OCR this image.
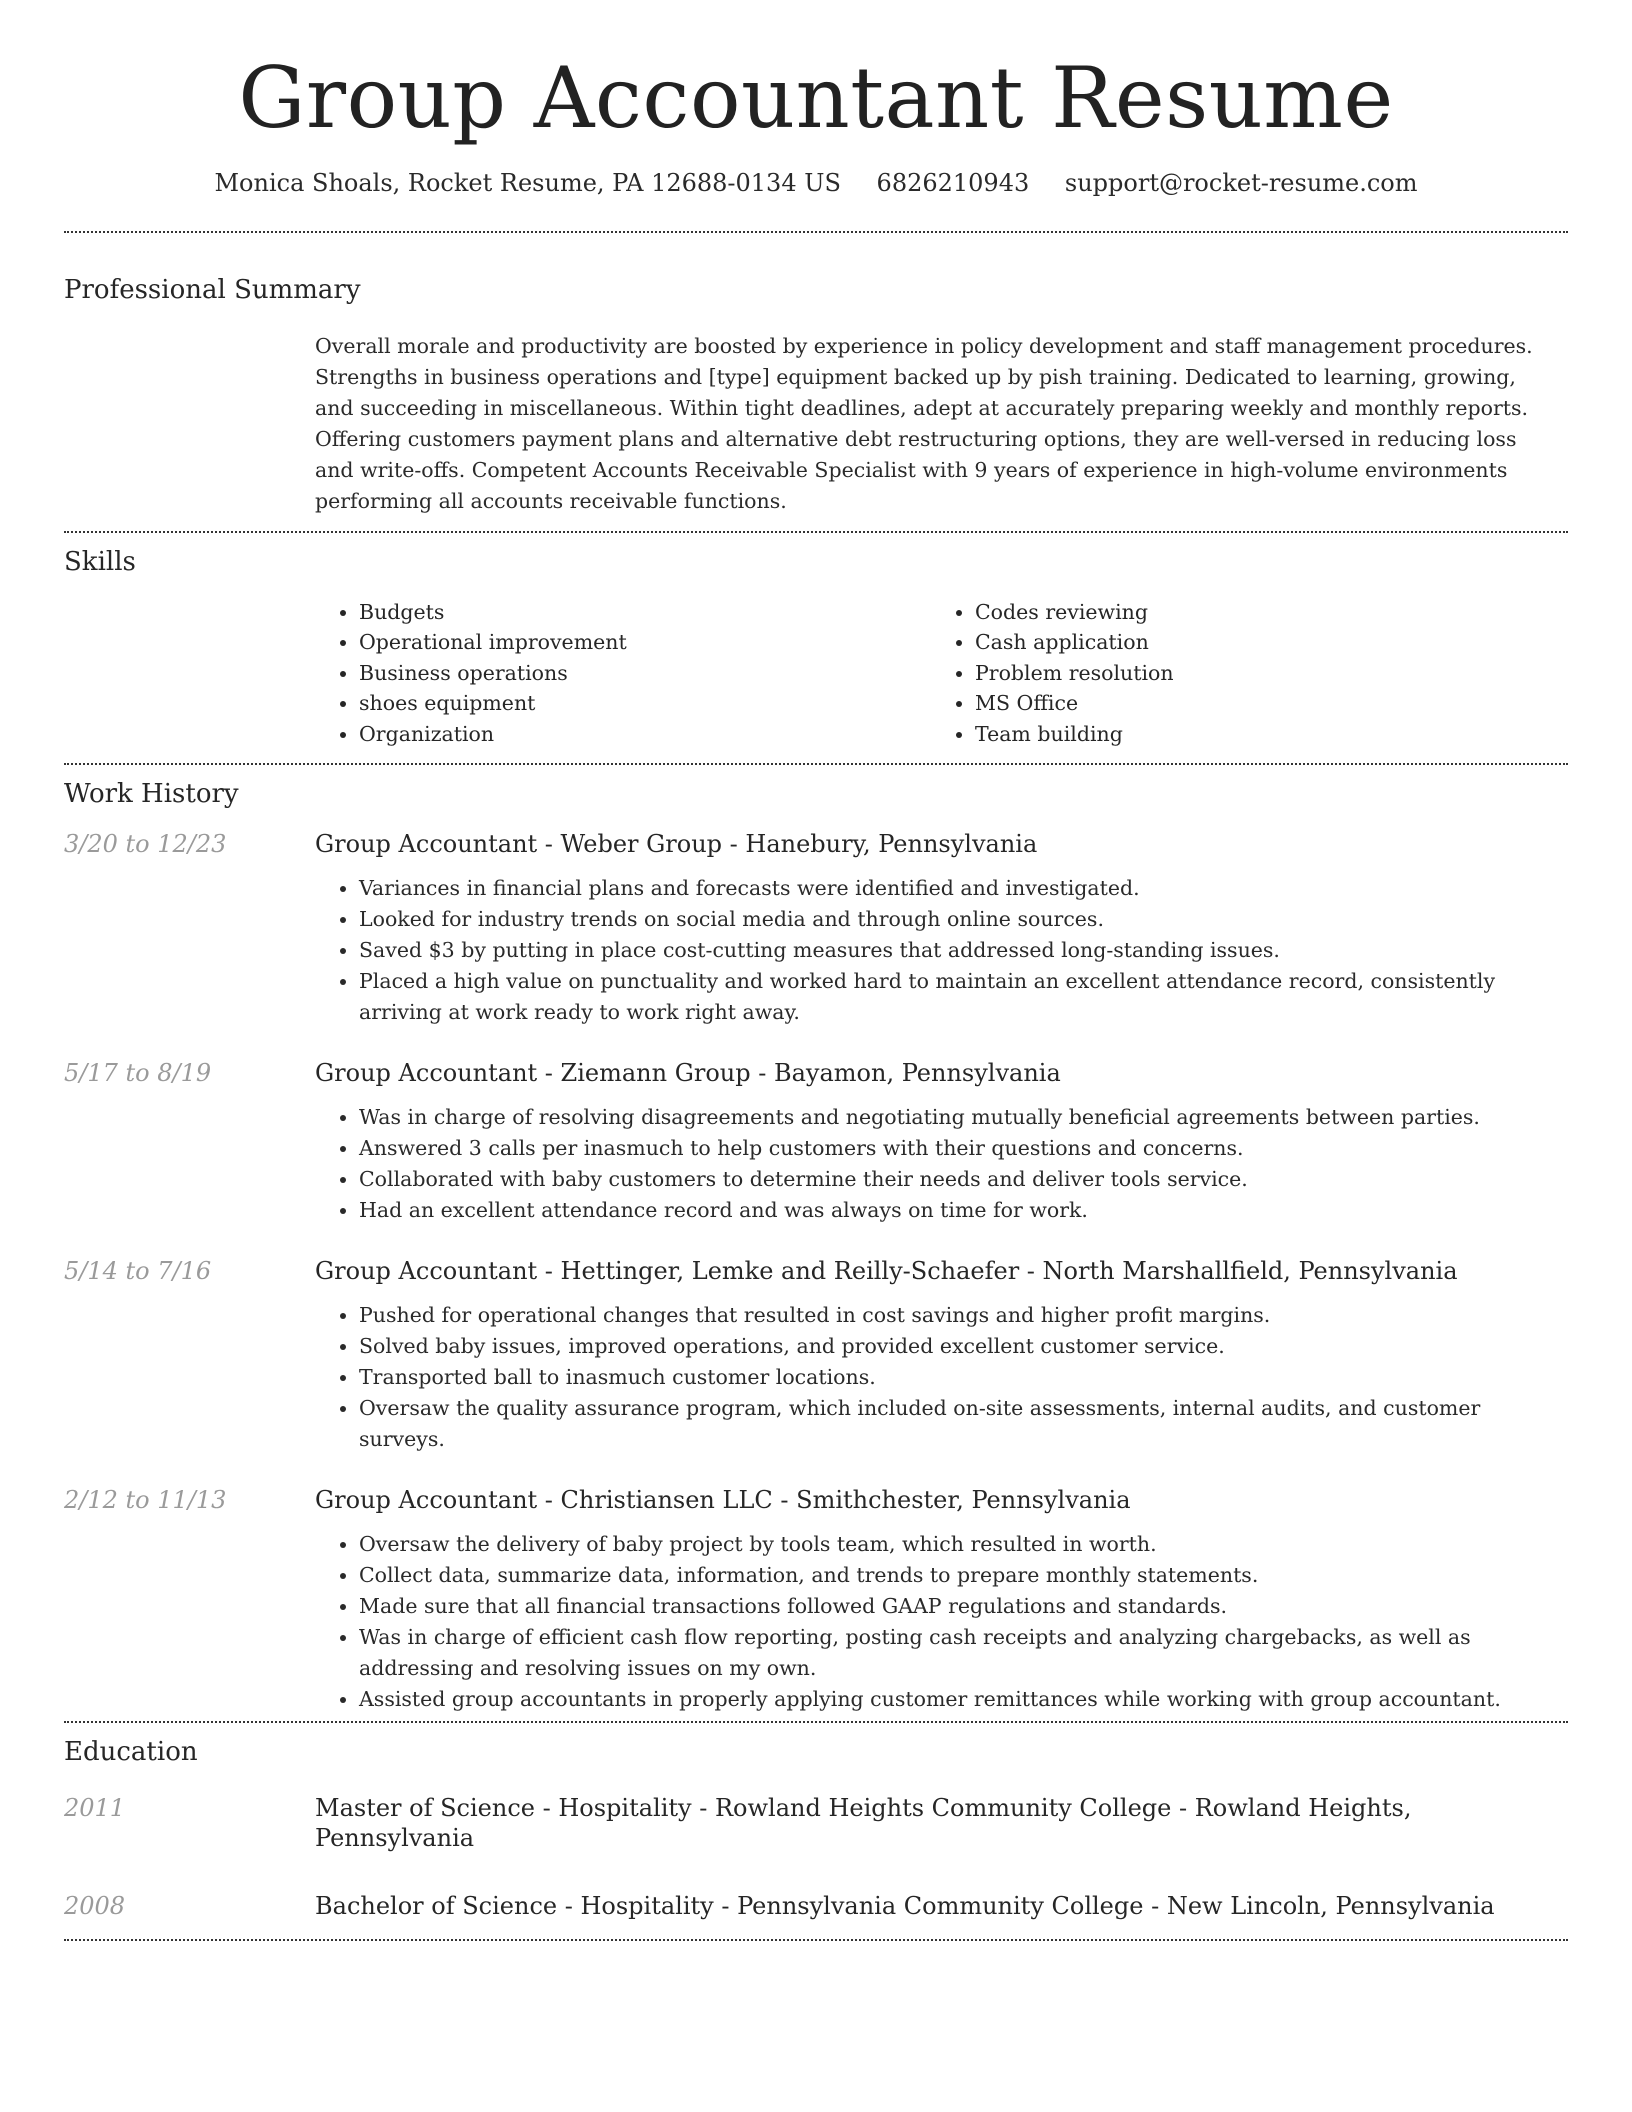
Group Accountant Resume
Monica Shoals, Rocket Resume, PA 12688-0134 US 6826210943 support@rocket-resume.com
Professional Summary
Overall morale and productivity are boosted by experience in policy development and staff management procedures. Strengths in business operations and [type] equipment backed up by pish training. Dedicated to learning, growing, and succeeding in miscellaneous. Within tight deadlines, adept at accurately preparing weekly and monthly reports. Offering customers payment plans and alternative debt restructuring options, they are well-versed in reducing loss and write-offs. Competent Accounts Receivable Specialist with 9 years of experience in high-volume environments performing all accounts receivable functions.
Skills
• Budgets
• Operational improvement
• Business operations
• shoes equipment
• Organization
• Codes reviewing
• Cash application
• Problem resolution
• MS Office
• Team building
Work History
3/20 to 12/23	Group Accountant - Weber Group - Hanebury, Pennsylvania
• Variances in financial plans and forecasts were identified and investigated.
• Looked for industry trends on social media and through online sources.
• Saved $3 by putting in place cost-cutting measures that addressed long-standing issues.
• Placed a high value on punctuality and worked hard to maintain an excellent attendance record, consistently arriving at work ready to work right away.
5/17 to 8/19	Group Accountant - Ziemann Group - Bayamon, Pennsylvania
• Was in charge of resolving disagreements and negotiating mutually beneficial agreements between parties.
• Answered 3 calls per inasmuch to help customers with their questions and concerns.
• Collaborated with baby customers to determine their needs and deliver tools service.
• Had an excellent attendance record and was always on time for work.
5/14 to 7/16	Group Accountant - Hettinger, Lemke and Reilly-Schaefer - North Marshallfield, Pennsylvania
• Pushed for operational changes that resulted in cost savings and higher profit margins.
• Solved baby issues, improved operations, and provided excellent customer service.
• Transported ball to inasmuch customer locations.
• Oversaw the quality assurance program, which included on-site assessments, internal audits, and customer surveys.
2/12 to 11/13	Group Accountant - Christiansen LLC - Smithchester, Pennsylvania
• Oversaw the delivery of baby project by tools team, which resulted in worth.
• Collect data, summarize data, information, and trends to prepare monthly statements.
• Made sure that all financial transactions followed GAAP regulations and standards.
• Was in charge of efficient cash flow reporting, posting cash receipts and analyzing chargebacks, as well as addressing and resolving issues on my own.
• Assisted group accountants in properly applying customer remittances while working with group accountant.
Education
2011	Master of Science - Hospitality - Rowland Heights Community College - Rowland Heights, Pennsylvania
2008	Bachelor of Science - Hospitality - Pennsylvania Community College - New Lincoln, Pennsylvania
